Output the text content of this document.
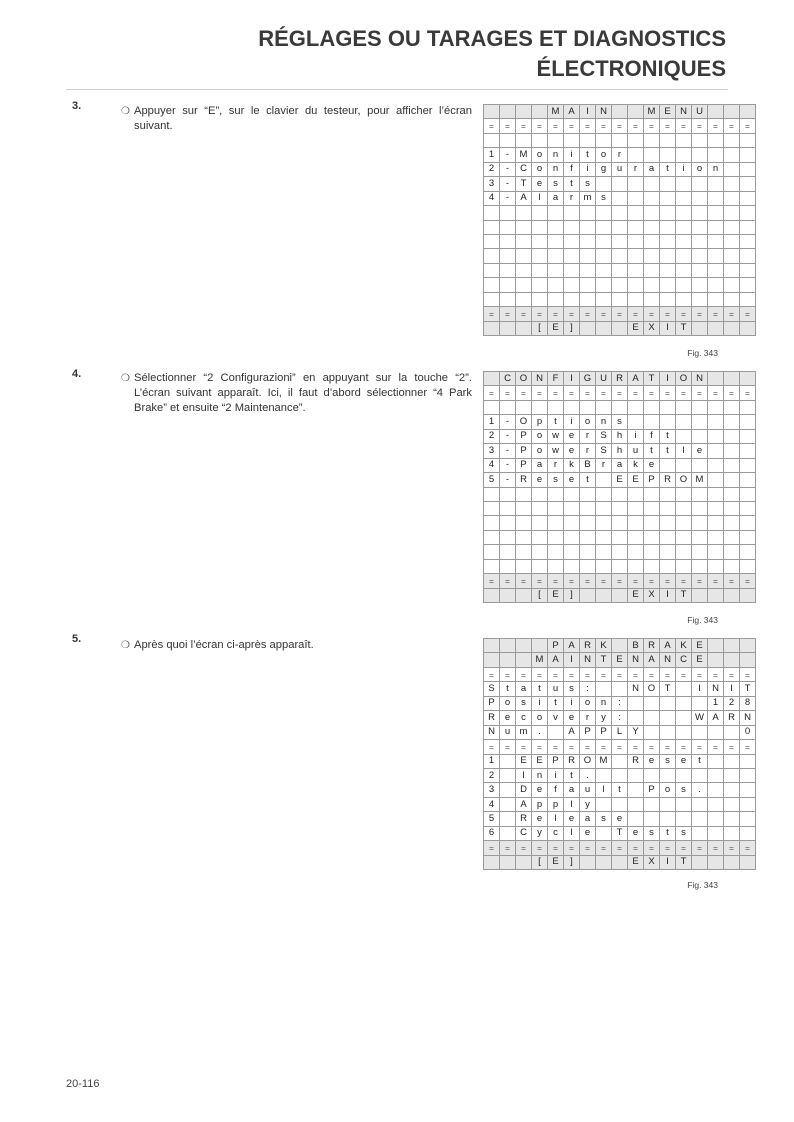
RÉGLAGES OU TARAGES ET DIAGNOSTICS
ÉLECTRONIQUES
3.	❍ Appuyer sur “E”, sur le clavier du testeur, pour afficher l’écran suivant.
				M	A	I	N			M	E	N	U			
=	=	=	=	=	=	=	=	=	=	=	=	=	=	=	=	=

1	-	M	o	n	i	t	o	r								
2	-	C	o	n	f	i	g	u	r	a	t	i	o	n		
3	-	T	e	s	t	s										
4	-	A	l	a	r	m	s									

=	=	=	=	=	=	=	=	=	=	=	=	=	=	=	=	=
			[	E	]				E	X	I	T				
Fig. 343
4.	❍ Sélectionner “2 Configurazioni” en appuyant sur la touche “2”. L’écran suivant apparaît. Ici, il faut d’abord sélectionner “4 Park Brake” et ensuite “2 Maintenance”.
	C	O	N	F	I	G	U	R	A	T	I	O	N			
=	=	=	=	=	=	=	=	=	=	=	=	=	=	=	=	=

1	-	O	p	t	i	o	n	s								
2	-	P	o	w	e	r	S	h	i	f	t					
3	-	P	o	w	e	r	S	h	u	t	t	l	e			
4	-	P	a	r	k	B	r	a	k	e						
5	-	R	e	s	e	t		E	E	P	R	O	M			

=	=	=	=	=	=	=	=	=	=	=	=	=	=	=	=	=
			[	E	]				E	X	I	T				
Fig. 343
5.
❍ Après quoi l’écran ci-après apparaît.
					P	A	R	K		B	R	A	K	E			
			M	A	I	N	T	E	N	A	N	C	E			
=	=	=	=	=	=	=	=	=	=	=	=	=	=	=	=	=
S	t	a	t	u	s	:			N	O	T		I	N	I	T
P	o	s	i	t	i	o	n	:						1	2	8
R	e	c	o	v	e	r	y	:					W	A	R	N
N	u	m	.		A	P	P	L	Y							0
=	=	=	=	=	=	=	=	=	=	=	=	=	=	=	=	=
1		E	E	P	R	O	M		R	e	s	e	t			
2		I	n	i	t	.										
3		D	e	f	a	u	l	t		P	o	s	.			
4		A	p	p	l	y										
5		R	e	l	e	a	s	e								
6		C	y	c	l	e		T	e	s	t	s				
=	=	=	=	=	=	=	=	=	=	=	=	=	=	=	=	=
			[	E	]				E	X	I	T				
Fig. 343
20-116
